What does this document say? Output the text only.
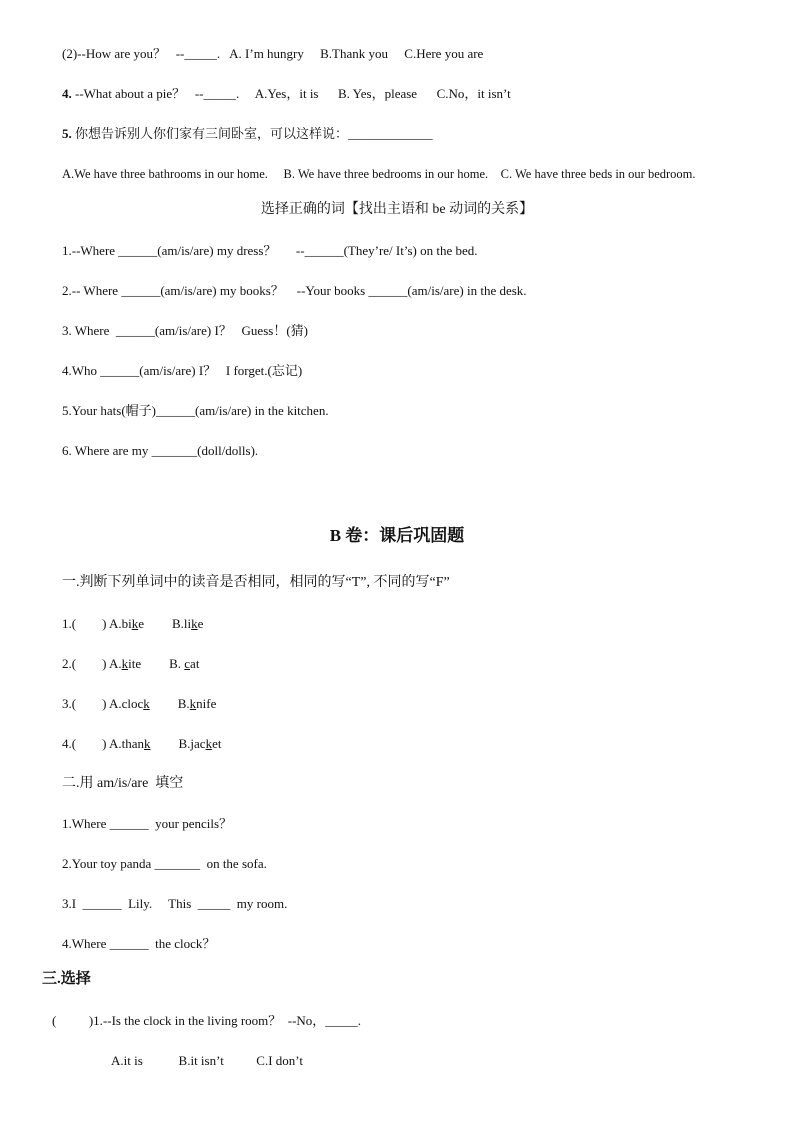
(2)--How are you？   --_____.   A. I’m hungry     B.Thank you     C.Here you are
4. --What about a pie？   --_____.     A.Yes，it is      B. Yes，please      C.No，it isn’t
5. 你想告诉别人你们家有三间卧室，可以这样说：_____________
A.We have three bathrooms in our home.     B. We have three bedrooms in our home.    C. We have three beds in our bedroom.
选择正确的词【找出主语和 be 动词的关系】
1.--Where ______(am/is/are) my dress？      --______(They’re/ It’s) on the bed.
2.-- Where ______(am/is/are) my books？    --Your books ______(am/is/are) in the desk.
3. Where  ______(am/is/are) I？   Guess！(猜)
4.Who ______(am/is/are) I？   I forget.(忘记)
5.Your hats(帽子)______(am/is/are) in the kitchen.
6. Where are my _______(doll/dolls).
B 卷：课后巩固题
一.判断下列单词中的读音是否相同，相同的写“T”, 不同的写“F”
1.(        ) A.bike B.like
2.(        ) A.kite B. cat
3.(        ) A.clock B.knife
4.(        ) A.thank B.jacket
二.用 am/is/are  填空
1.Where ______  your pencils？
2.Your toy panda _______  on the sofa.
3.I  ______  Lily.     This  _____  my room.
4.Where ______  the clock？
三.选择
(          )1.--Is the clock in the living room？  --No，_____.
A.it is           B.it isn’t          C.I don’t
